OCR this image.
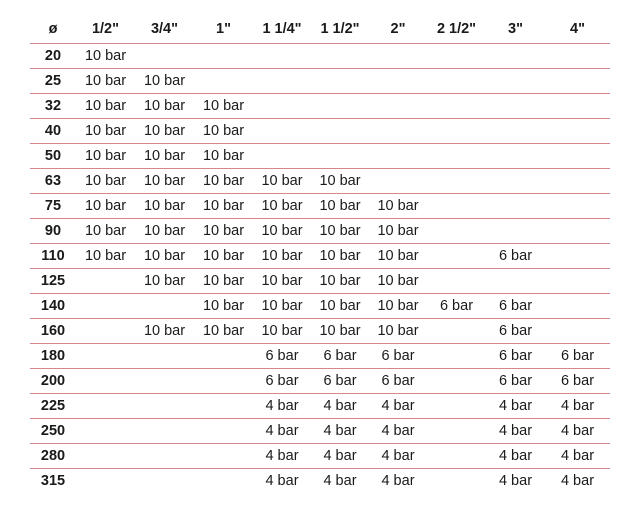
ø	1/2"	3/4"	1"	1 1/4"	1 1/2"	2"	2 1/2"	3"	4"
20	10 bar								
25	10 bar	10 bar							
32	10 bar	10 bar	10 bar						
40	10 bar	10 bar	10 bar						
50	10 bar	10 bar	10 bar						
63	10 bar	10 bar	10 bar	10 bar	10 bar				
75	10 bar	10 bar	10 bar	10 bar	10 bar	10 bar			
90	10 bar	10 bar	10 bar	10 bar	10 bar	10 bar			
110	10 bar	10 bar	10 bar	10 bar	10 bar	10 bar		6 bar	
125		10 bar	10 bar	10 bar	10 bar	10 bar			
140			10 bar	10 bar	10 bar	10 bar	6 bar	6 bar	
160		10 bar	10 bar	10 bar	10 bar	10 bar		6 bar	
180				6 bar	6 bar	6 bar		6 bar	6 bar
200				6 bar	6 bar	6 bar		6 bar	6 bar
225				4 bar	4 bar	4 bar		4 bar	4 bar
250				4 bar	4 bar	4 bar		4 bar	4 bar
280				4 bar	4 bar	4 bar		4 bar	4 bar
315				4 bar	4 bar	4 bar		4 bar	4 bar
